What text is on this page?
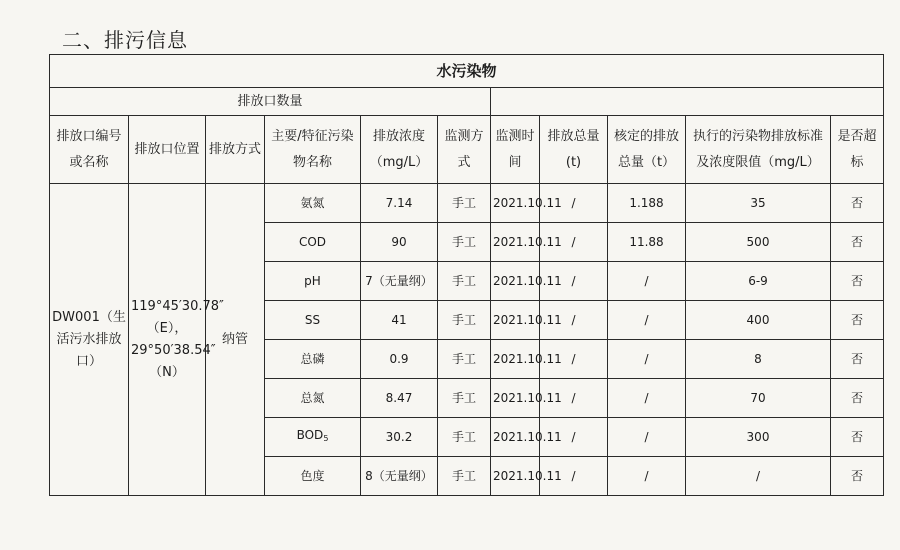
二、排污信息
水污染物										
排放口数量										
排放口编号或名称	排放口位置	排放方式	主要/特征污染物名称	排放浓度（mg/L）	监测方式	监测时间	排放总量(t)	核定的排放总量（t）	执行的污染物排放标准及浓度限值（mg/L）	是否超标
DW001（生活污水排放口）	119°45′30.78″（E），29°50′38.54″（N）	纳管	氨氮	7.14	手工	2021.10.11	/	1.188	35	否
			COD	90	手工	2021.10.11	/	11.88	500	否
			pH	7（无量纲）	手工	2021.10.11	/	/	6-9	否
			SS	41	手工	2021.10.11	/	/	400	否
			总磷	0.9	手工	2021.10.11	/	/	8	否
			总氮	8.47	手工	2021.10.11	/	/	70	否
			$BOD_5$	30.2	手工	2021.10.11	/	/	300	否
			色度	8（无量纲）	手工	2021.10.11	/	/	/	否
